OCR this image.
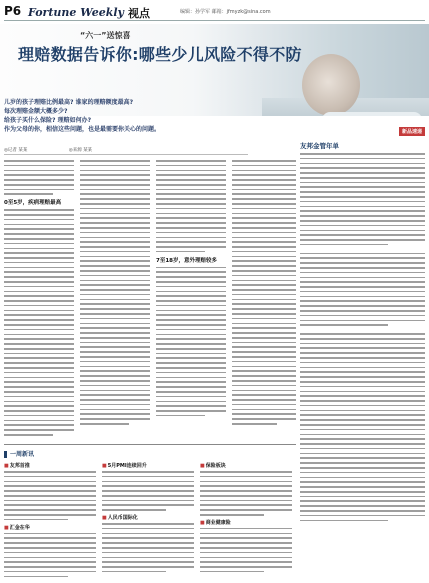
P6 Fortune Weekly 视点	编辑：孙学军 邮箱：jfmyzk@sina.com
“六一”送惊喜
理赔数据告诉你:哪些少儿风险不得不防

儿岁的孩子理赔比例最高? 谁家的理赔额度最高?

每次理赔金额大概多少?

给孩子买什么保险? 理赔如何办?

作为父母的你，相信这些问题，也是最需要你关心的问题。

◎记者 某某	◎来源 某某
0至5岁，疾病理赔最高
7至18岁，意外理赔较多
新品速递
友邦金管年单
一周新讯
■友邦首推
■汇金在华
■5月PMI连续回升
■人民币国际化
■保险板块
■商业健康险
